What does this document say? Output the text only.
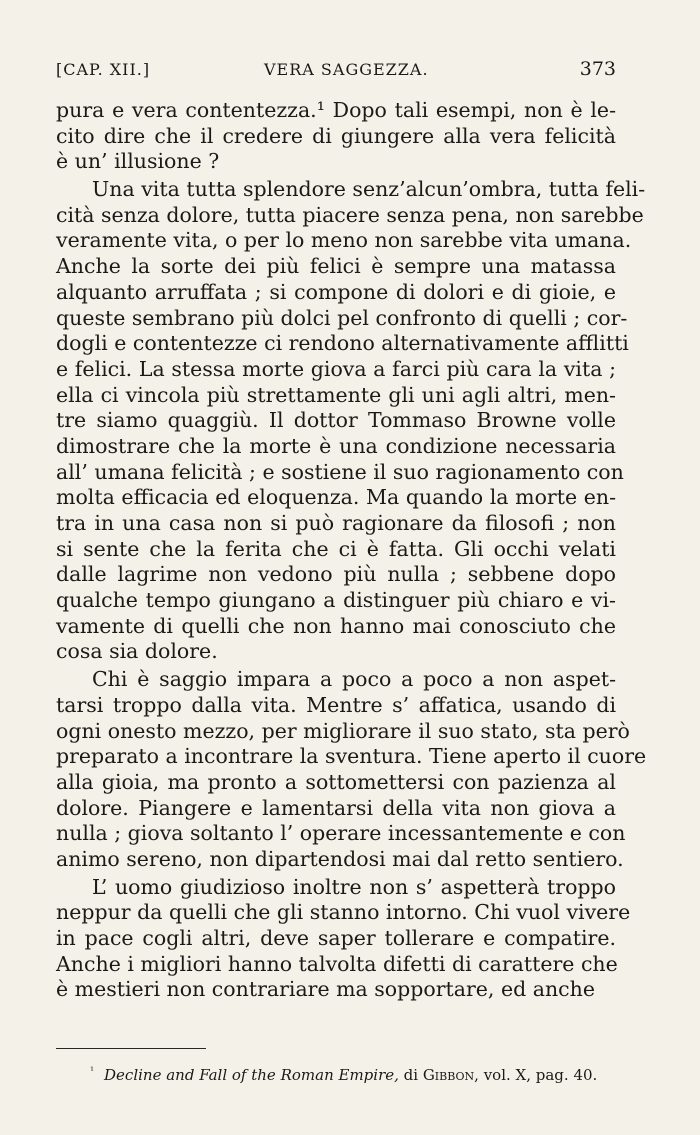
[CAP. XII.]	VERA SAGGEZZA.	373
pura e vera contentezza.¹ Dopo tali esempi, non è le-
cito dire che il credere di giungere alla vera felicità
è un’ illusione ?
Una vita tutta splendore senz’alcun’ombra, tutta feli-
cità senza dolore, tutta piacere senza pena, non sarebbe
veramente vita, o per lo meno non sarebbe vita umana.
Anche la sorte dei più felici è sempre una matassa
alquanto arruffata ; si compone di dolori e di gioie, e
queste sembrano più dolci pel confronto di quelli ; cor-
dogli e contentezze ci rendono alternativamente afflitti
e felici. La stessa morte giova a farci più cara la vita ;
ella ci vincola più strettamente gli uni agli altri, men-
tre siamo quaggiù. Il dottor Tommaso Browne volle
dimostrare che la morte è una condizione necessaria
all’ umana felicità ; e sostiene il suo ragionamento con
molta efficacia ed eloquenza. Ma quando la morte en-
tra in una casa non si può ragionare da filosofi ; non
si sente che la ferita che ci è fatta. Gli occhi velati
dalle lagrime non vedono più nulla ; sebbene dopo
qualche tempo giungano a distinguer più chiaro e vi-
vamente di quelli che non hanno mai conosciuto che
cosa sia dolore.
Chi è saggio impara a poco a poco a non aspet-
tarsi troppo dalla vita. Mentre s’ affatica, usando di
ogni onesto mezzo, per migliorare il suo stato, sta però
preparato a incontrare la sventura. Tiene aperto il cuore
alla gioia, ma pronto a sottomettersi con pazienza al
dolore. Piangere e lamentarsi della vita non giova a
nulla ; giova soltanto l’ operare incessantemente e con
animo sereno, non dipartendosi mai dal retto sentiero.
L’ uomo giudizioso inoltre non s’ aspetterà troppo
neppur da quelli che gli stanno intorno. Chi vuol vivere
in pace cogli altri, deve saper tollerare e compatire.
Anche i migliori hanno talvolta difetti di carattere che
è mestieri non contrariare ma sopportare, ed anche
$^{^1}$ Decline and Fall of the Roman Empire, di Gibbon, vol. X, pag. 40.
